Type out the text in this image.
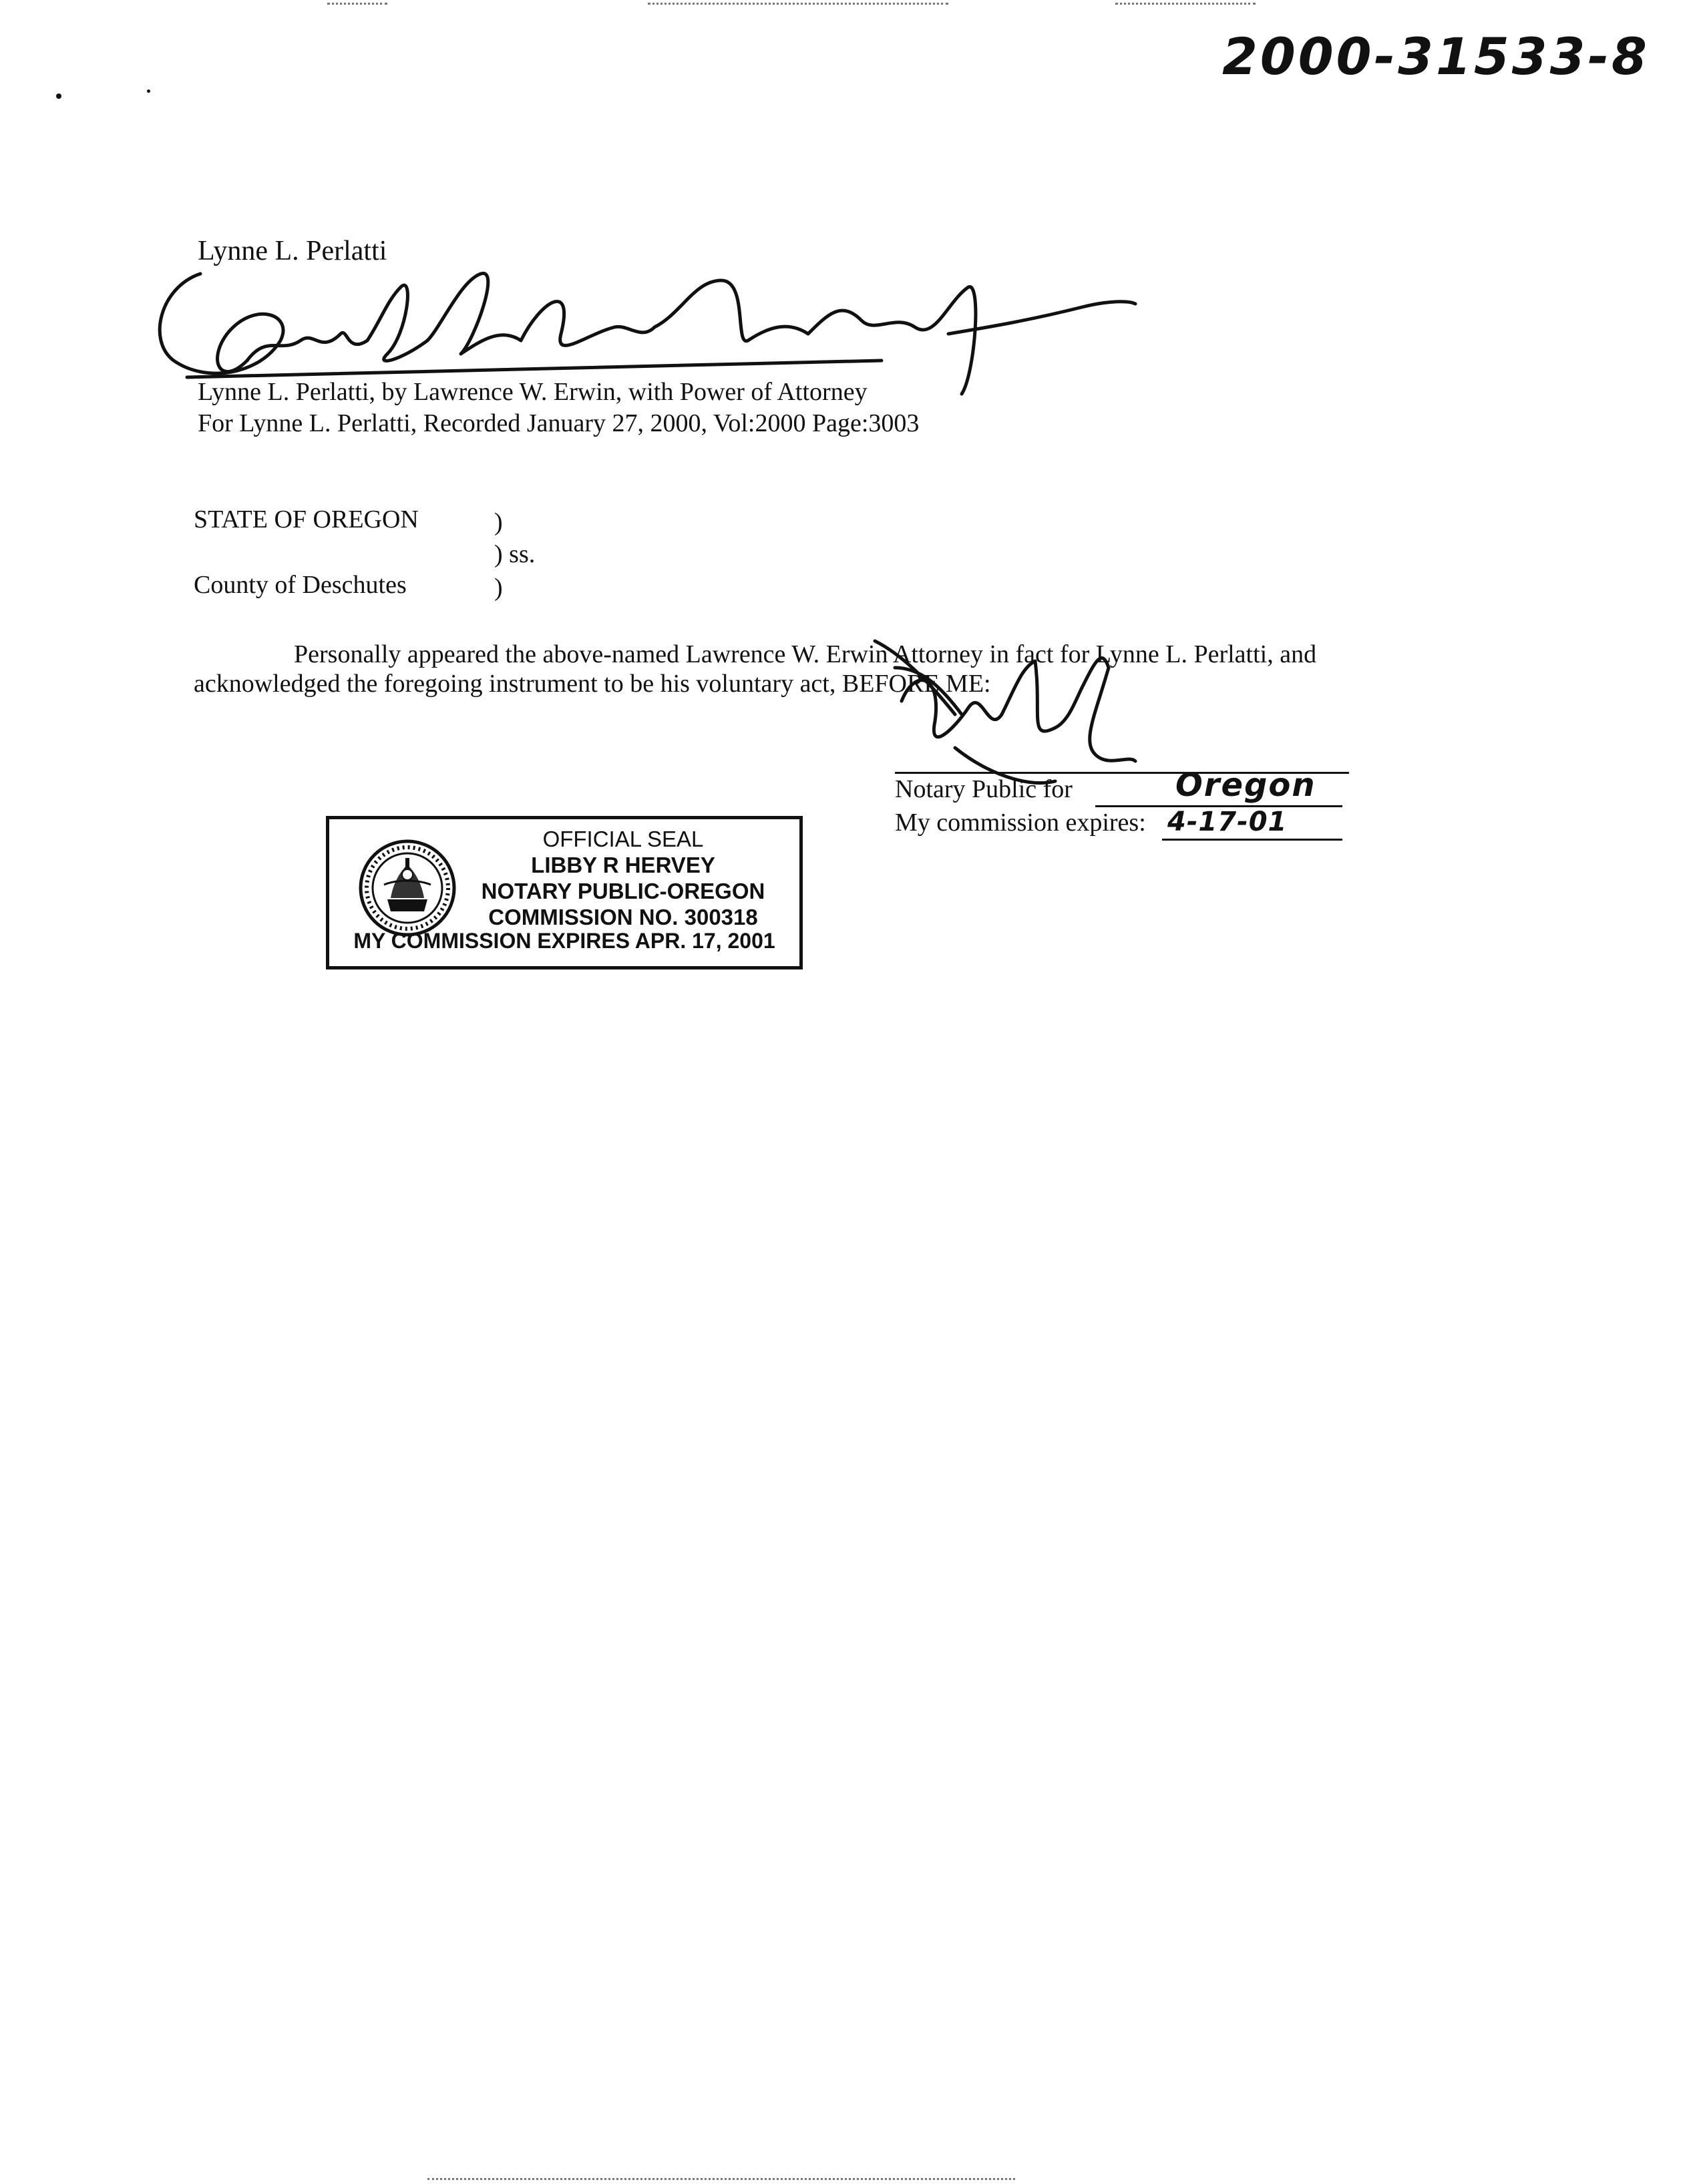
2000-31533-8
Lynne L. Perlatti
Lynne L. Perlatti, by Lawrence W. Erwin, with Power of Attorney
For Lynne L. Perlatti, Recorded January 27, 2000, Vol:2000 Page:3003
STATE OF OREGON	)
) ss.
County of Deschutes	)
Personally appeared the above-named Lawrence W. Erwin Attorney in fact for Lynne L. Perlatti, and
acknowledged the foregoing instrument to be his voluntary act, BEFORE ME:
Notary Public for	Oregon
My commission expires: 4-17-01
OFFICIAL SEAL
LIBBY R HERVEY
NOTARY PUBLIC-OREGON
COMMISSION NO. 300318
MY COMMISSION EXPIRES APR. 17, 2001
